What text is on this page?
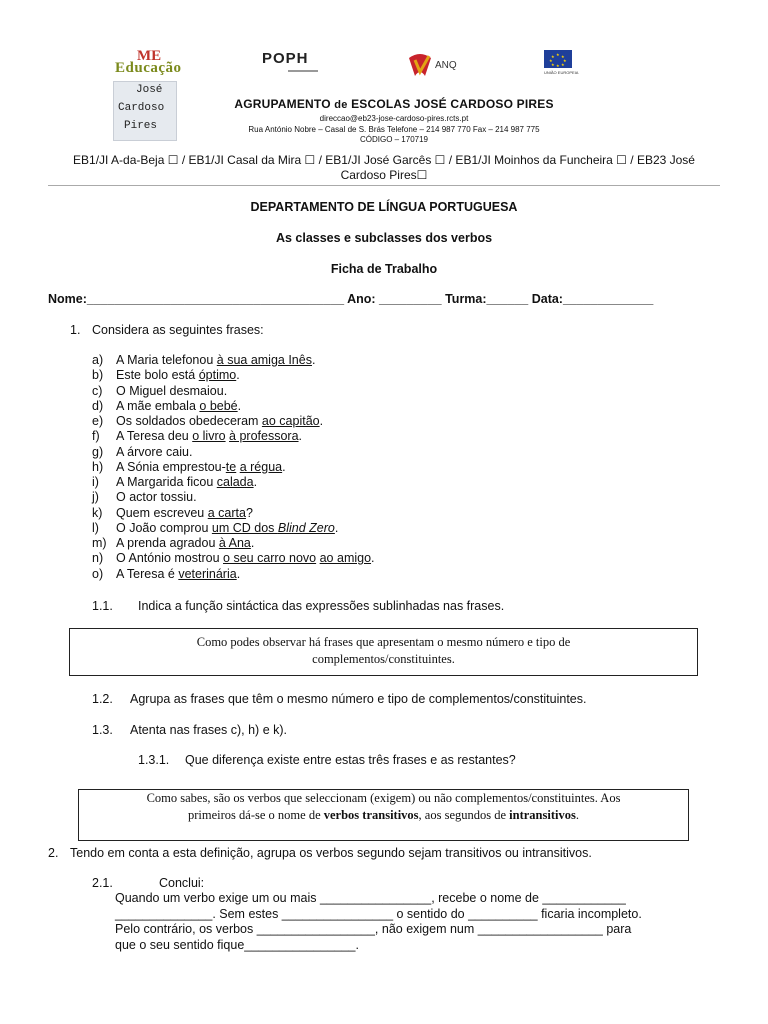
ME
Educação
POPH	ANQ
★ ★
★
★
★
★
★
★
UNIÃO EUROPEIA
José
Cardoso
Pires
AGRUPAMENTO de ESCOLAS JOSÉ CARDOSO PIRES
direccao@eb23-jose-cardoso-pires.rcts.pt
Rua António Nobre – Casal de S. Brás Telefone – 214 987 770 Fax – 214 987 775
CÓDIGO – 170719
EB1/JI A-da-Beja ☐ / EB1/JI Casal da Mira ☐ / EB1/JI José Garcês ☐ / EB1/JI Moinhos da Funcheira ☐ / EB23 José
Cardoso Pires☐
DEPARTAMENTO DE LÍNGUA PORTUGUESA
As classes e subclasses dos verbos
Ficha de Trabalho
Nome:_____________________________________ Ano: _________ Turma:______ Data:_____________
1. Considera as seguintes frases:
a) A Maria telefonou à sua amiga Inês.
b) Este bolo está óptimo.
c) O Miguel desmaiou.
d) A mãe embala o bebé.
e) Os soldados obedeceram ao capitão.
f) A Teresa deu o livro à professora.
g) A árvore caiu.
h) A Sónia emprestou-te a régua.
i) A Margarida ficou calada.
j) O actor tossiu.
k) Quem escreveu a carta?
l) O João comprou um CD dos Blind Zero.
m) A prenda agradou à Ana.
n) O António mostrou o seu carro novo ao amigo.
o) A Teresa é veterinária.
1.1. Indica a função sintáctica das expressões sublinhadas nas frases.
Como podes observar há frases que apresentam o mesmo número e tipo de
complementos/constituintes.
1.2. Agrupa as frases que têm o mesmo número e tipo de complementos/constituintes.
1.3. Atenta nas frases c), h) e k).
1.3.1. Que diferença existe entre estas três frases e as restantes?
Como sabes, são os verbos que seleccionam (exigem) ou não complementos/constituintes. Aos
primeiros dá-se o nome de verbos transitivos, aos segundos de intransitivos.
2. Tendo em conta a esta definição, agrupa os verbos segundo sejam transitivos ou intransitivos.
2.1.	Conclui:
Quando um verbo exige um ou mais ________________, recebe o nome de ____________
______________. Sem estes ________________ o sentido do __________ ficaria incompleto.
Pelo contrário, os verbos _________________, não exigem num __________________ para
que o seu sentido fique________________.
